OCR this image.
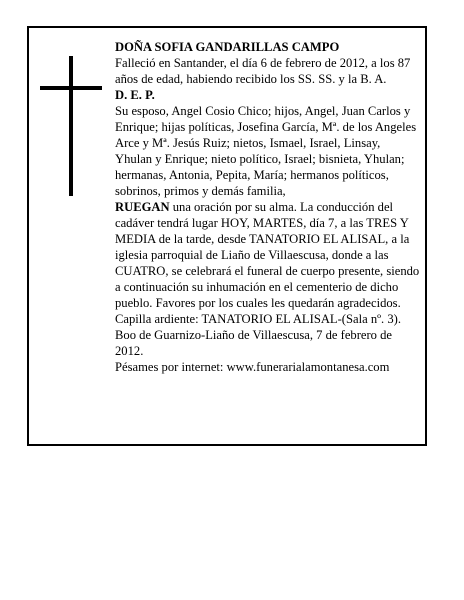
DOÑA SOFIA GANDARILLAS CAMPO

Falleció en Santander, el día 6 de febrero de 2012, a los 87 años de edad, habiendo recibido los SS. SS. y la B. A.

D. E. P.

Su esposo, Angel Cosio Chico; hijos, Angel, Juan Carlos y Enrique; hijas políticas, Josefina García, Mª. de los Angeles Arce y Mª. Jesús Ruiz; nietos, Ismael, Israel, Linsay, Yhulan y Enrique; nieto político, Israel; bisnieta, Yhulan; hermanas, Antonia, Pepita, María; hermanos políticos, sobrinos, primos y demás familia,

RUEGAN una oración por su alma. La conducción del cadáver tendrá lugar HOY, MARTES, día 7, a las TRES Y MEDIA de la tarde, desde TANATORIO EL ALISAL, a la iglesia parroquial de Liaño de Villaescusa, donde a las CUATRO, se celebrará el funeral de cuerpo presente, siendo a continuación su inhumación en el cementerio de dicho pueblo. Favores por los cuales les quedarán agradecidos. Capilla ardiente: TANATORIO EL ALISAL-(Sala nº. 3).

Boo de Guarnizo-Liaño de Villaescusa, 7 de febrero de 2012.

Pésames por internet: www.funerarialamontanesa.com
